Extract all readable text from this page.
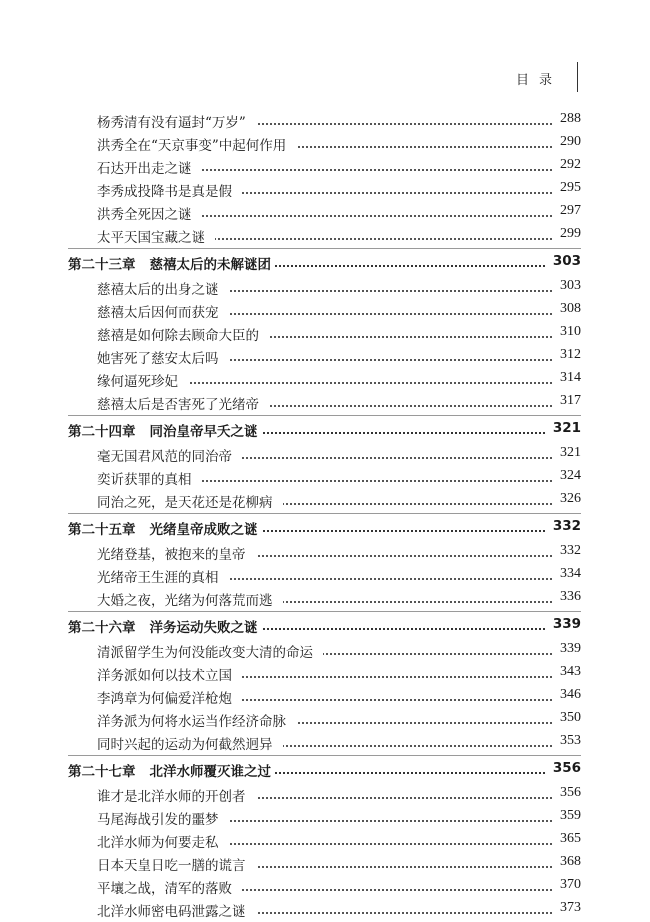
目录
杨秀清有没有逼封“万岁”	288
洪秀全在“天京事变”中起何作用	290
石达开出走之谜	292
李秀成投降书是真是假	295
洪秀全死因之谜	297
太平天国宝藏之谜	299
第二十三章 慈禧太后的未解谜团	303
慈禧太后的出身之谜	303
慈禧太后因何而获宠	308
慈禧是如何除去顾命大臣的	310
她害死了慈安太后吗	312
缘何逼死珍妃	314
慈禧太后是否害死了光绪帝	317
第二十四章 同治皇帝早夭之谜	321
毫无国君风范的同治帝	321
奕䜣获罪的真相	324
同治之死，是天花还是花柳病	326
第二十五章 光绪皇帝成败之谜	332
光绪登基，被抱来的皇帝	332
光绪帝王生涯的真相	334
大婚之夜，光绪为何落荒而逃	336
第二十六章 洋务运动失败之谜	339
清派留学生为何没能改变大清的命运	339
洋务派如何以技术立国	343
李鸿章为何偏爱洋枪炮	346
洋务派为何将水运当作经济命脉	350
同时兴起的运动为何截然迥异	353
第二十七章 北洋水师覆灭谁之过	356
谁才是北洋水师的开创者	356
马尾海战引发的噩梦	359
北洋水师为何要走私	365
日本天皇日吃一膳的谎言	368
平壤之战，清军的落败	370
北洋水师密电码泄露之谜	373
